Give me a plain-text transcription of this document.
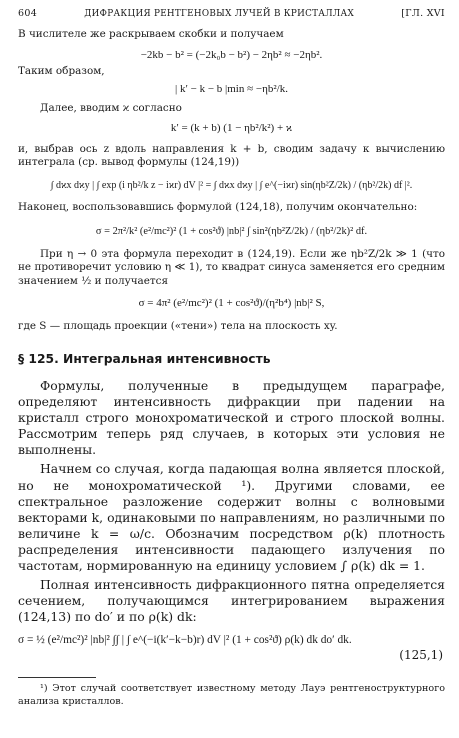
604	ДИФРАКЦИЯ РЕНТГЕНОВЫХ ЛУЧЕЙ В КРИСТАЛЛАХ	[ГЛ. XVI

В числителе же раскрываем скобки и получаем

−2kb − b² = (−2k₀b − b²) − 2ηb² ≈ −2ηb².

Таким образом,

| k′ − k − b |min ≈ −ηb²/k.

Далее, вводим ϰ согласно

k′ = (k + b) (1 − ηb²/k²) + ϰ

и, выбрав ось z вдоль направления k + b, сводим задачу к вычислению интеграла (ср. вывод формулы (124,19))

∫ dϰx dϰy | ∫ exp (i ηb²/k z − iϰr) dV |² = ∫ dϰx dϰy | ∫ e^(−iϰr) sin(ηb²Z/2k) / (ηb²/2k) df |².

Наконец, воспользовавшись формулой (124,18), получим окончательно:

σ = 2π²/k² (e²/mc²)² (1 + cos²ϑ) |nb|² ∫ sin²(ηb²Z/2k) / (ηb²/2k)² df.

При η → 0 эта формула переходит в (124,19). Если же ηb²Z/2k ≫ 1 (что не противоречит условию η ≪ 1), то квадрат синуса заменяется его средним значением ½ и получается

σ = 4π² (e²/mc²)² (1 + cos²ϑ)/(η²b⁴) |nb|² S,

где S — площадь проекции («тени») тела на плоскость xy.

§ 125. Интегральная интенсивность

Формулы, полученные в предыдущем параграфе, определяют интенсивность дифракции при падении на кристалл строго монохроматической и строго плоской волны. Рассмотрим теперь ряд случаев, в которых эти условия не выполнены.

Начнем со случая, когда падающая волна является плоской, но не монохроматической ¹). Другими словами, ее спектральное разложение содержит волны с волновыми векторами k, одинаковыми по направлениям, но различными по величине k = ω/c. Обозначим посредством ρ(k) плотность распределения интенсивности падающего излучения по частотам, нормированную на единицу условием ∫ ρ(k) dk = 1.

Полная интенсивность дифракционного пятна определяется сечением, получающимся интегрированием выражения (124,13) по do′ и по ρ(k) dk:

σ = ½ (e²/mc²)² |nb|² ∫∫ | ∫ e^(−i(k′−k−b)r) dV |² (1 + cos²ϑ) ρ(k) dk do′ dk.
(125,1)

¹) Этот случай соответствует известному методу Лауэ рентгеноструктурного анализа кристаллов.
